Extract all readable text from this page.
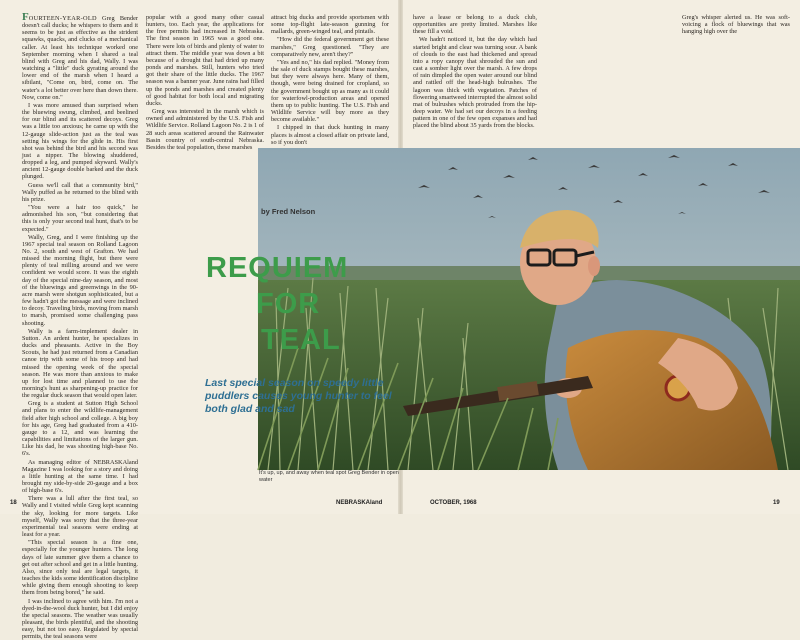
FOURTEEN-YEAR-OLD Greg Bender doesn't call ducks; he whispers to them and it seems to be just as effective as the strident squawks, quacks, and clucks of a mechanical caller. At least his technique worked one September morning when I shared a teal blind with Greg and his dad, Wally. I was watching a "little" duck gyrating around the lower end of the marsh when I heard a sibilant, "Come on, bird, come on. The water's a lot better over here than down there. Now, come on."

I was more amused than surprised when the bluewing swung, climbed, and beelined for our blind and its scattered decoys. Greg was a little too anxious; he came up with the 12-gauge slide-action just as the teal was setting his wings for the glide in. His first shot was behind the bird and his second was just a nipper. The blowing shuddered, dropped a leg, and pumped skyward. Wally's ancient 12-gauge double barked and the duck plunged.

Guess we'll call that a community bird," Wally puffed as he returned to the blind with his prize.

"You were a hair too quick," he admonished his son, "but considering that this is only your second teal hunt, that's to be expected."

Wally, Greg, and I were finishing up the 1967 special teal season on Rolland Lagoon No. 2, south and west of Grafton. We had missed the morning flight, but there were plenty of teal milling around and we were confident we would score. It was the eighth day of the special nine-day season, and most of the bluewings and greenwings in the 90-acre marsh were shotgun sophisticated, but a few hadn't got the message and were inclined to decoy. Traveling birds, moving from marsh to marsh, promised some challenging pass shooting.

Wally is a farm-implement dealer in Sutton. An ardent hunter, he specializes in ducks and pheasants. Active in the Boy Scouts, he had just returned from a Canadian canoe trip with some of his troop and had missed the opening week of the special season. He was more than anxious to make up for lost time and planned to use the morning's hunt as sharpening-up practice for the regular duck season that would open later.

Greg is a student at Sutton High School and plans to enter the wildlife-management field after high school and college. A big boy for his age, Greg had graduated from a 410-gauge to a 12, and was learning the capabilities and limitations of the larger gun. Like his dad, he was shooting high-base No. 6's.

As managing editor of NEBRASKAland Magazine I was looking for a story and doing a little hunting at the same time. I had brought my side-by-side 20-gauge and a box of high-base 6's.

There was a lull after the first teal, so Wally and I visited while Greg kept scanning the sky, looking for more targets. Like myself, Wally was sorry that the three-year experimental teal seasons were ending at least for a year.

"This special season is a fine one, especially for the younger hunters. The long days of late summer give them a chance to get out after school and get in a little hunting. Also, since only teal are legal targets, it teaches the kids some identification discipline while giving them enough shooting to keep them from being bored," he said.

I was inclined to agree with him. I'm not a dyed-in-the-wool duck hunter, but I did enjoy the special seasons. The weather was usually pleasant, the birds plentiful, and the shooting easy, but not too easy. Regulated by special permits, the teal seasons were

popular with a good many other casual hunters, too. Each year, the applications for the free permits had increased in Nebraska. The first season in 1965 was a good one. There were lots of birds and plenty of water to attract them. The middle year was down a bit because of a drought that had dried up many ponds and marshes. Still, hunters who tried got their share of the little ducks. The 1967 season was a banner year. June rains had filled up the ponds and marshes and created plenty of good habitat for both local and migrating ducks.

Greg was interested in the marsh which is owned and administered by the U.S. Fish and Wildlife Service. Rolland Lagoon No. 2 is 1 of 28 such areas scattered around the Rainwater Basin country of south-central Nebraska. Besides the teal population, these marshes

attract big ducks and provide sportsmen with some top-flight late-season gunning for mallards, green-winged teal, and pintails.

"How did the federal government get these marshes," Greg questioned. "They are comparatively new, aren't they?"

"Yes and no," his dad replied. "Money from the sale of duck stamps bought these marshes, but they were always here. Many of them, though, were being drained for cropland, so the government bought up as many as it could for waterfowl-production areas and opened them up to public hunting. The U.S. Fish and Wildlife Service will buy more as they become available."

I chipped in that duck hunting in many places is almost a closed affair on private land, so if you don't

have a lease or belong to a duck club, opportunities are pretty limited. Marshes like these fill a void.

We hadn't noticed it, but the day which had started bright and clear was turning sour. A bank of clouds to the east had thickened and spread into a ropy canopy that shrouded the sun and cast a somber light over the marsh. A few drops of rain dimpled the open water around our blind and rattled off the head-high bulrushes. The lagoon was thick with vegetation. Patches of flowering smartweed interrupted the almost solid mat of bulrushes which protruded from the hip-deep water. We had set our decoys in a feeding pattern in one of the few open expanses and had placed the blind about 35 yards from the blocks.

Greg's whisper alerted us. He was soft-voicing a flock of bluewings that was hanging high over the

by Fred Nelson
REQUIEM
FOR
TEAL
Last special season on speedy little puddlers causes young hunter to feel both glad and sad
It's up, up, and away when teal spot Greg Bender in open water
18	NEBRASKAland	OCTOBER, 1968	19
